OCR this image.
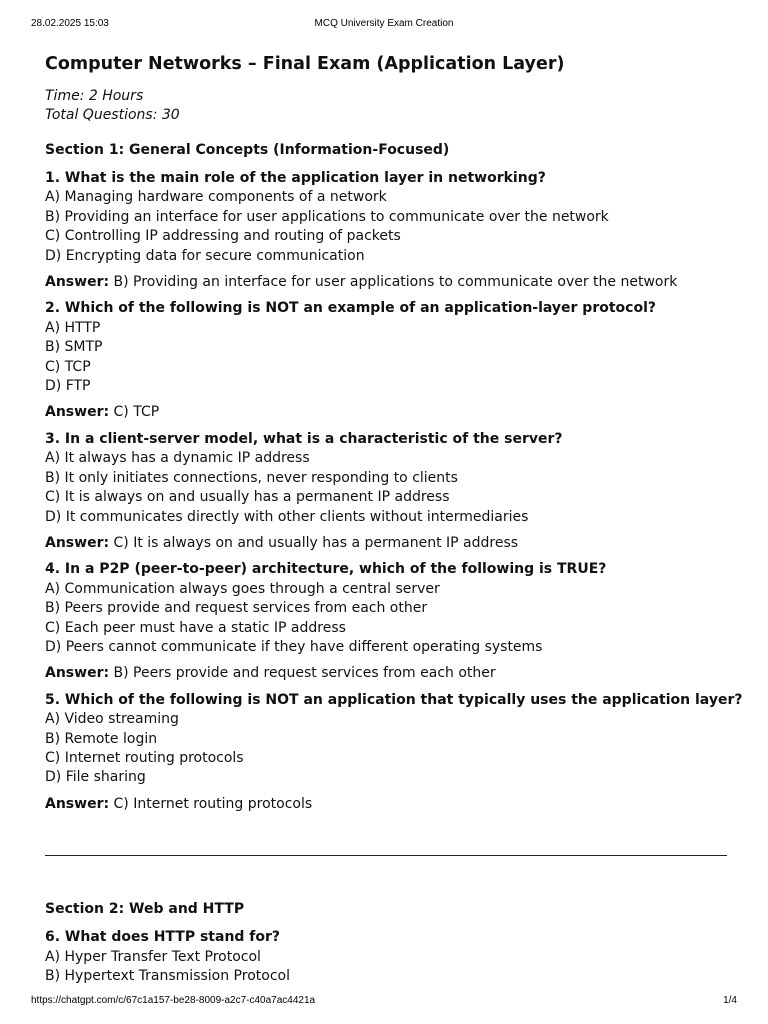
28.02.2025 15:03	MCQ University Exam Creation
Computer Networks – Final Exam (Application Layer)

Time: 2 Hours

Total Questions: 30

Section 1: General Concepts (Information-Focused)

1. What is the main role of the application layer in networking?

A) Managing hardware components of a network

B) Providing an interface for user applications to communicate over the network

C) Controlling IP addressing and routing of packets

D) Encrypting data for secure communication

Answer: B) Providing an interface for user applications to communicate over the network

2. Which of the following is NOT an example of an application-layer protocol?

A) HTTP

B) SMTP

C) TCP

D) FTP

Answer: C) TCP

3. In a client-server model, what is a characteristic of the server?

A) It always has a dynamic IP address

B) It only initiates connections, never responding to clients

C) It is always on and usually has a permanent IP address

D) It communicates directly with other clients without intermediaries

Answer: C) It is always on and usually has a permanent IP address

4. In a P2P (peer-to-peer) architecture, which of the following is TRUE?

A) Communication always goes through a central server

B) Peers provide and request services from each other

C) Each peer must have a static IP address

D) Peers cannot communicate if they have different operating systems

Answer: B) Peers provide and request services from each other

5. Which of the following is NOT an application that typically uses the application layer?

A) Video streaming

B) Remote login

C) Internet routing protocols

D) File sharing

Answer: C) Internet routing protocols

Section 2: Web and HTTP

6. What does HTTP stand for?

A) Hyper Transfer Text Protocol

B) Hypertext Transmission Protocol

https://chatgpt.com/c/67c1a157-be28-8009-a2c7-c40a7ac4421a	1/4
